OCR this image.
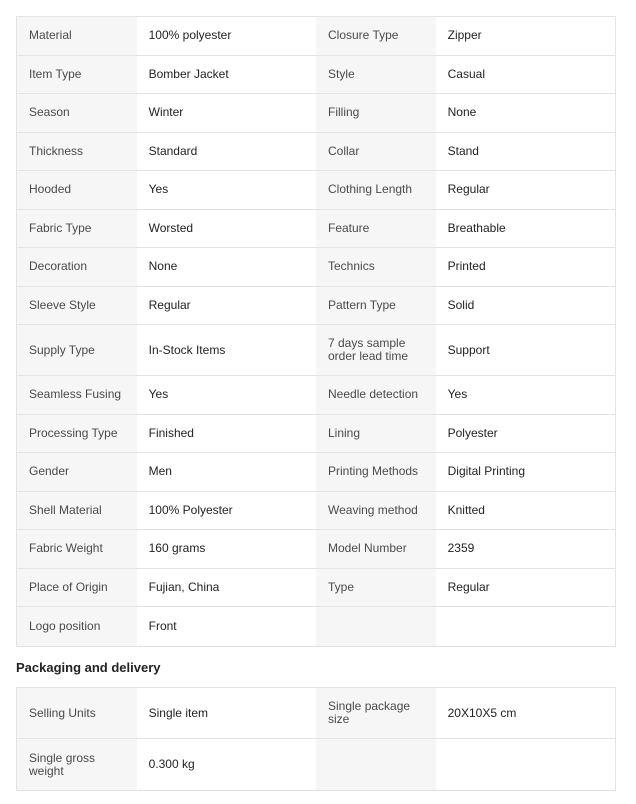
Material	100% polyester	Closure Type	Zipper
Item Type	Bomber Jacket	Style	Casual
Season	Winter	Filling	None
Thickness	Standard	Collar	Stand
Hooded	Yes	Clothing Length	Regular
Fabric Type	Worsted	Feature	Breathable
Decoration	None	Technics	Printed
Sleeve Style	Regular	Pattern Type	Solid
Supply Type	In-Stock Items	7 days sample order lead time	Support
Seamless Fusing	Yes	Needle detection	Yes
Processing Type	Finished	Lining	Polyester
Gender	Men	Printing Methods	Digital Printing
Shell Material	100% Polyester	Weaving method	Knitted
Fabric Weight	160 grams	Model Number	2359
Place of Origin	Fujian, China	Type	Regular
Logo position	Front
Packaging and delivery
Selling Units	Single item	Single package size	20X10X5 cm
Single gross weight	0.300 kg
